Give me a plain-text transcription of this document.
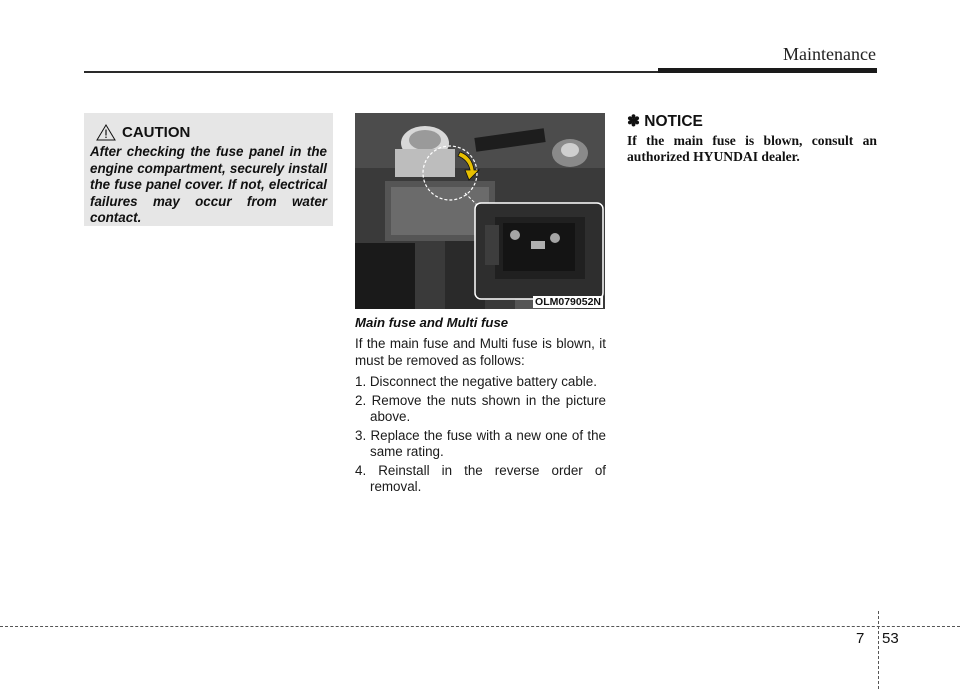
Maintenance
CAUTION
After checking the fuse panel in the engine compartment, securely install the fuse panel cover. If not, electrical failures may occur from water contact.
OLM079052N
Main fuse and Multi fuse

If the main fuse and Multi fuse is blown, it must be removed as follows:

1. Disconnect the negative battery cable.
2. Remove the nuts shown in the picture above.
3. Replace the fuse with a new one of the same rating.
4. Reinstall in the reverse order of removal.
✽ NOTICE
If the main fuse is blown, consult an authorized HYUNDAI dealer.
7 53
